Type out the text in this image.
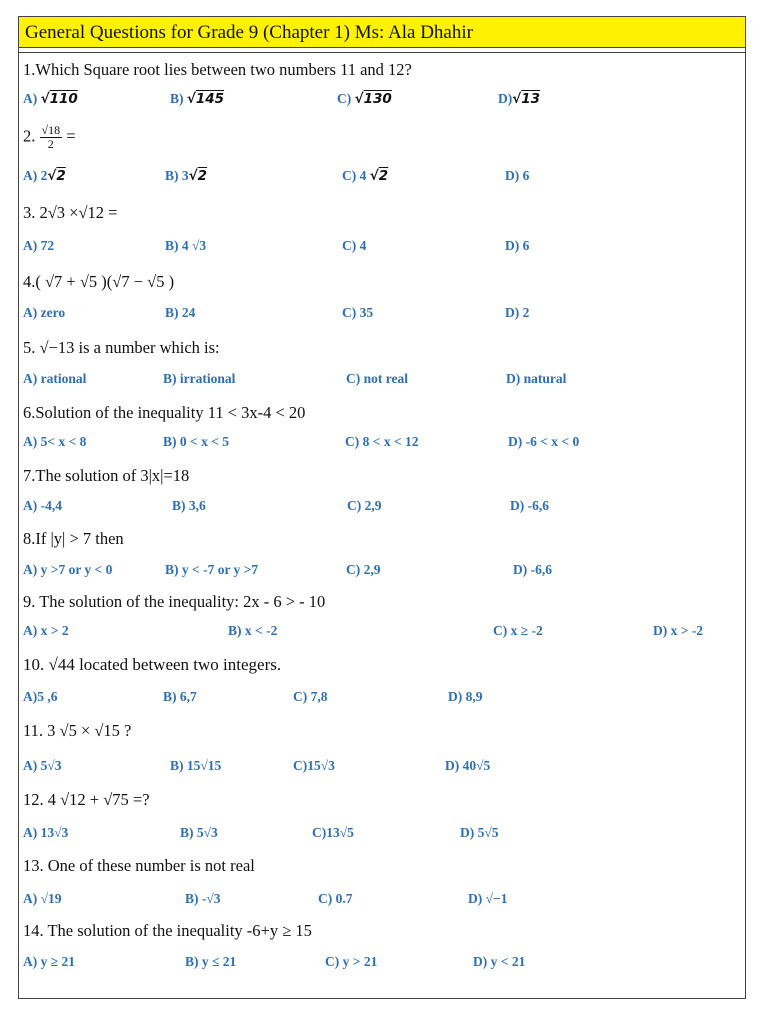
General Questions for Grade 9 (Chapter 1) Ms: Ala Dhahir
1.Which Square root lies between two numbers 11 and 12?
A) √110	B) √145	C) √130	D)√13
2. $\frac{√18}{2}$ =
A) 2√2	B) 3√2	C) 4 √2	D) 6
3. 2√3 ×√12 =
A) 72	B) 4 √3	C) 4	D) 6
4.( √7 + √5 )(√7 − √5 )
A) zero	B) 24	C) 35	D) 2
5. √−13 is a number which is:
A) rational	B) irrational	C) not real	D) natural
6.Solution of the inequality 11 < 3x-4 < 20
A) 5< x < 8	B) 0 < x < 5	C) 8 < x < 12	D) -6 < x < 0
7.The solution of 3|x|=18
A) -4,4	B) 3,6	C) 2,9	D) -6,6
8.If |y| > 7 then
A) y >7 or y < 0	B) y < -7 or y >7	C) 2,9	D) -6,6
9. The solution of the inequality: 2x - 6 > - 10
A) x > 2	B) x < -2	C) x ≥ -2	D) x > -2
10. √44 located between two integers.
A)5 ,6	B) 6,7	C) 7,8	D) 8,9
11. 3 √5 × √15 ?
A) 5√3	B) 15√15	C)15√3	D) 40√5
12. 4 √12 + √75 =?
A) 13√3	B) 5√3	C)13√5	D) 5√5
13. One of these number is not real
A) √19	B) -√3	C) 0.7	D) √−1
14. The solution of the inequality -6+y ≥ 15
A) y ≥ 21	B) y ≤ 21	C) y > 21	D) y < 21
